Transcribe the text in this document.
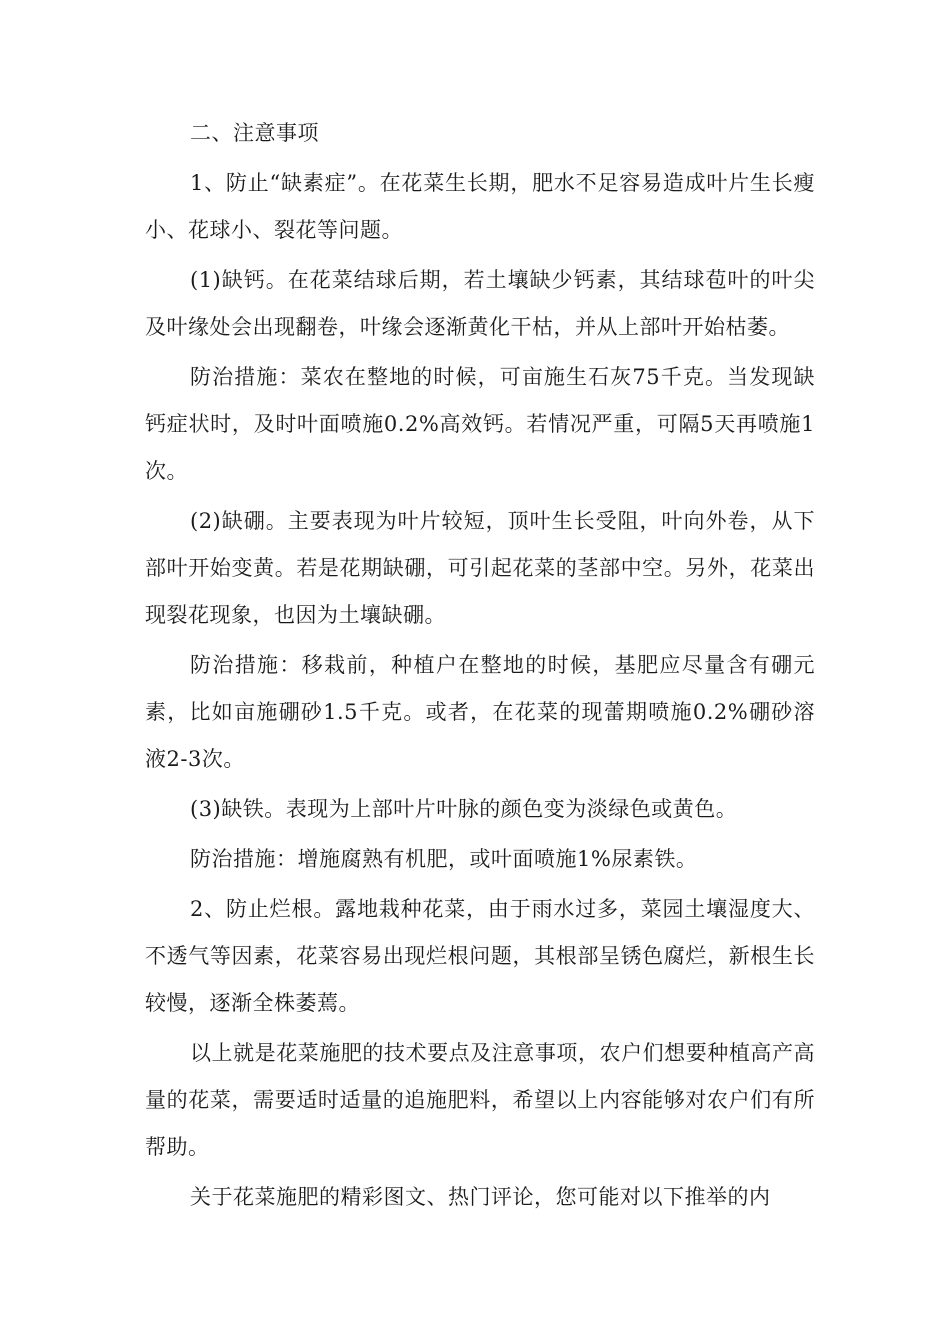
二、注意事项

1、防止“缺素症”。在花菜生长期，肥水不足容易造成叶片生长瘦小、花球小、裂花等问题。

(1)缺钙。在花菜结球后期，若土壤缺少钙素，其结球苞叶的叶尖及叶缘处会出现翻卷，叶缘会逐渐黄化干枯，并从上部叶开始枯萎。

防治措施：菜农在整地的时候，可亩施生石灰75千克。当发现缺钙症状时，及时叶面喷施0.2%高效钙。若情况严重，可隔5天再喷施1次。

(2)缺硼。主要表现为叶片较短，顶叶生长受阻，叶向外卷，从下部叶开始变黄。若是花期缺硼，可引起花菜的茎部中空。另外，花菜出现裂花现象，也因为土壤缺硼。

防治措施：移栽前，种植户在整地的时候，基肥应尽量含有硼元素，比如亩施硼砂1.5千克。或者，在花菜的现蕾期喷施0.2%硼砂溶液2-3次。

(3)缺铁。表现为上部叶片叶脉的颜色变为淡绿色或黄色。

防治措施：增施腐熟有机肥，或叶面喷施1%尿素铁。

2、防止烂根。露地栽种花菜，由于雨水过多，菜园土壤湿度大、不透气等因素，花菜容易出现烂根问题，其根部呈锈色腐烂，新根生长较慢，逐渐全株萎蔫。

以上就是花菜施肥的技术要点及注意事项，农户们想要种植高产高量的花菜，需要适时适量的追施肥料，希望以上内容能够对农户们有所帮助。

关于花菜施肥的精彩图文、热门评论，您可能对以下推举的内
